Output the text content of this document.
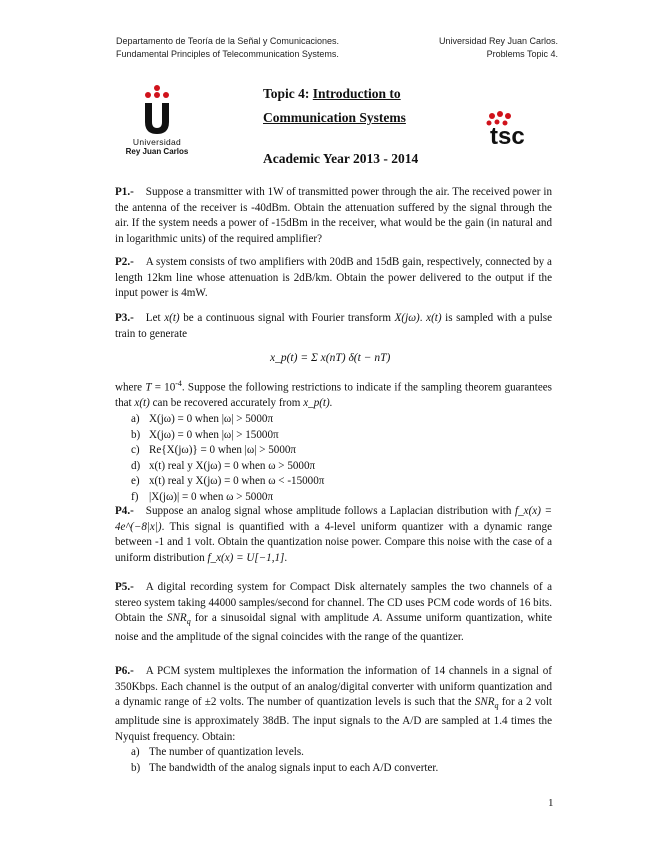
Departamento de Teoría de la Señal y Comunicaciones.
Fundamental Principles of Telecommunication Systems.
Universidad Rey Juan Carlos.
Problems Topic 4.
Universidad
Rey Juan Carlos
Topic 4: Introduction to
Communication Systems
Academic Year 2013 - 2014
tsc
P1.- Suppose a transmitter with 1W of transmitted power through the air. The received power in the antenna of the receiver is -40dBm. Obtain the attenuation suffered by the signal through the air. If the system needs a power of -15dBm in the receiver, what would be the gain (in natural and in logarithmic units) of the required amplifier?
P2.- A system consists of two amplifiers with 20dB and 15dB gain, respectively, connected by a length 12km line whose attenuation is 2dB/km. Obtain the power delivered to the output if the input power is 4mW.
P3.- Let x(t) be a continuous signal with Fourier transform X(jω). x(t) is sampled with a pulse train to generate
x_p(t) = Σ x(nT) δ(t − nT)
where $T = 10^{-4}$. Suppose the following restrictions to indicate if the sampling theorem guarantees that x(t) can be recovered accurately from x_p(t).
a) X(jω) = 0 when |ω| > 5000π
b) X(jω) = 0 when |ω| > 15000π
c) Re{X(jω)} = 0 when |ω| > 5000π
d) x(t) real y X(jω) = 0 when ω > 5000π
e) x(t) real y X(jω) = 0 when ω < -15000π
f) |X(jω)| = 0 when ω > 5000π
P4.- Suppose an analog signal whose amplitude follows a Laplacian distribution with f_x(x) = 4e^(−8|x|). This signal is quantified with a 4-level uniform quantizer with a dynamic range between -1 and 1 volt. Obtain the quantization noise power. Compare this noise with the case of a uniform distribution f_x(x) = U[−1,1].
P5.- A digital recording system for Compact Disk alternately samples the two channels of a stereo system taking 44000 samples/second for channel. The CD uses PCM code words of 16 bits. Obtain the $SNR_q$ for a sinusoidal signal with amplitude A. Assume uniform quantization, white noise and the amplitude of the signal coincides with the range of the quantizer.
P6.- A PCM system multiplexes the information the information of 14 channels in a signal of 350Kbps. Each channel is the output of an analog/digital converter with uniform quantization and a dynamic range of ±2 volts. The number of quantization levels is such that the $SNR_q$ for a 2 volt amplitude sine is approximately 38dB. The input signals to the A/D are sampled at 1.4 times the Nyquist frequency. Obtain:
a) The number of quantization levels.
b) The bandwidth of the analog signals input to each A/D converter.
1
